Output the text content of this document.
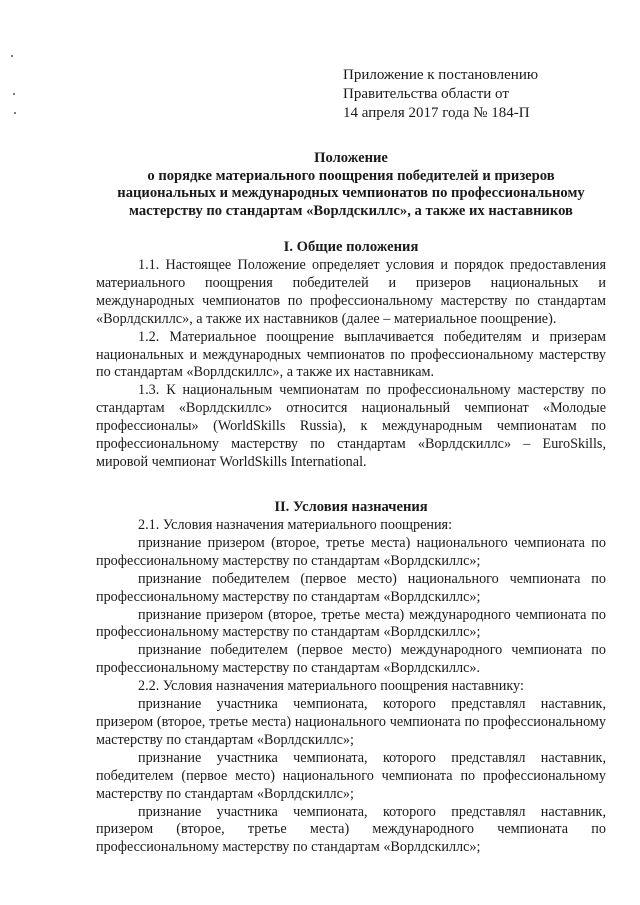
Приложение к постановлению
Правительства области от
14 апреля 2017 года № 184-П
Положение
о порядке материального поощрения победителей и призеров
национальных и международных чемпионатов по профессиональному
мастерству по стандартам «Ворлдскиллс», а также их наставников
I. Общие положения

1.1. Настоящее Положение определяет условия и порядок предоставления материального поощрения победителей и призеров национальных и международных чемпионатов по профессиональному мастерству по стандартам «Ворлдскиллс», а также их наставников (далее – материальное поощрение).

1.2. Материальное поощрение выплачивается победителям и призерам национальных и международных чемпионатов по профессиональному мастерству по стандартам «Ворлдскиллс», а также их наставникам.

1.3. К национальным чемпионатам по профессиональному мастерству по стандартам «Ворлдскиллс» относится национальный чемпионат «Молодые профессионалы» (WorldSkills Russia), к международным чемпионатам по профессиональному мастерству по стандартам «Ворлдскиллс» – EuroSkills, мировой чемпионат WorldSkills International.

II. Условия назначения

2.1. Условия назначения материального поощрения:

признание призером (второе, третье места) национального чемпионата по профессиональному мастерству по стандартам «Ворлдскиллс»;

признание победителем (первое место) национального чемпионата по профессиональному мастерству по стандартам «Ворлдскиллс»;

признание призером (второе, третье места) международного чемпионата по профессиональному мастерству по стандартам «Ворлдскиллс»;

признание победителем (первое место) международного чемпионата по профессиональному мастерству по стандартам «Ворлдскиллс».

2.2. Условия назначения материального поощрения наставнику:

признание участника чемпионата, которого представлял наставник, призером (второе, третье места) национального чемпионата по профессиональному мастерству по стандартам «Ворлдскиллс»;

признание участника чемпионата, которого представлял наставник, победителем (первое место) национального чемпионата по профессиональному мастерству по стандартам «Ворлдскиллс»;

признание участника чемпионата, которого представлял наставник, призером (второе, третье места) международного чемпионата по профессиональному мастерству по стандартам «Ворлдскиллс»;
